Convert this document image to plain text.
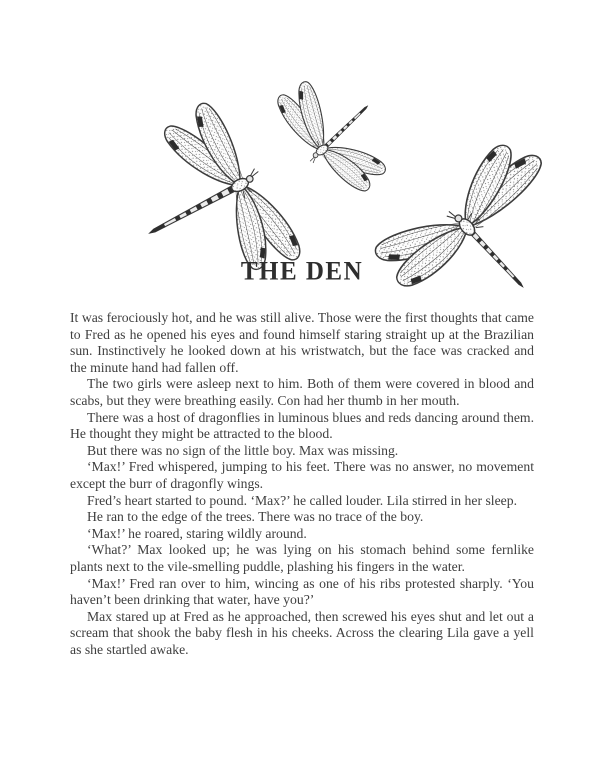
THE DEN

It was ferociously hot, and he was still alive. Those were the first thoughts that came to Fred as he opened his eyes and found himself staring straight up at the Brazilian sun. Instinctively he looked down at his wristwatch, but the face was cracked and the minute hand had fallen off.

The two girls were asleep next to him. Both of them were covered in blood and scabs, but they were breathing easily. Con had her thumb in her mouth.

There was a host of dragonflies in luminous blues and reds dancing around them. He thought they might be attracted to the blood.

But there was no sign of the little boy. Max was missing.

‘Max!’ Fred whispered, jumping to his feet. There was no answer, no movement except the burr of dragonfly wings.

Fred’s heart started to pound. ‘Max?’ he called louder. Lila stirred in her sleep.

He ran to the edge of the trees. There was no trace of the boy.

‘Max!’ he roared, staring wildly around.

‘What?’ Max looked up; he was lying on his stomach behind some fernlike plants next to the vile-smelling puddle, plashing his fingers in the water.

‘Max!’ Fred ran over to him, wincing as one of his ribs protested sharply. ‘You haven’t been drinking that water, have you?’

Max stared up at Fred as he approached, then screwed his eyes shut and let out a scream that shook the baby flesh in his cheeks. Across the clearing Lila gave a yell as she startled awake.
